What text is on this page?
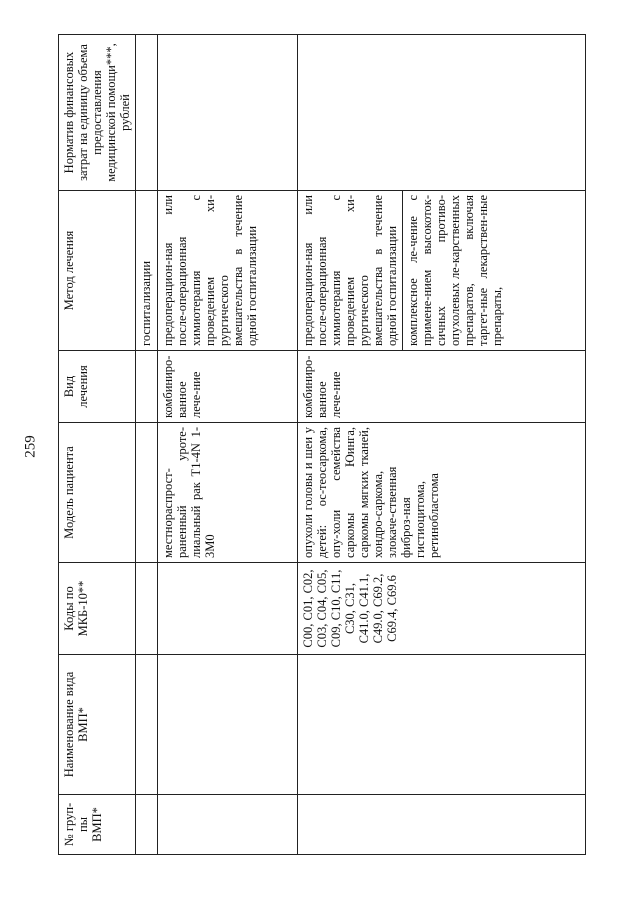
259
№ груп-пы ВМП*	Наименование вида ВМП*	Коды по МКБ-10**	Модель пациента	Вид лечения	Метод лечения	Норматив финансовых затрат на единицу объема предоставления медицинской помощи***, рублей
					госпитализации	
			местнораспрост-раненный уроте-лиальный рак T1-4N 1-3M0	комбиниро-ванное лече-ние	предоперацион-ная или после-операционная химиотерапия с проведением хи-рургического вмешательства в течение одной госпитализации	
		C00, C01, C02, C03, C04, C05, C09, C10, C11, C30, C31, C41.0, C41.1, C49.0, C69.2, C69.4, C69.6	опухоли головы и шеи у детей: ос-теосаркома, опу-холи семейства саркомы Юинга, саркомы мягких тканей, хондро-саркома, злокаче-ственная фиброз-ная гистиоцитома, ретинобластома	комбиниро-ванное лече-ние	предоперацион-ная или после-операционная химиотерапия с проведением хи-рургического вмешательства в течение одной госпитализации комплексное ле-чение с примене-нием высокоток-сичных противо-опухолевых ле-карственных препаратов, включая таргет-ные лекарствен-ные препараты,	
